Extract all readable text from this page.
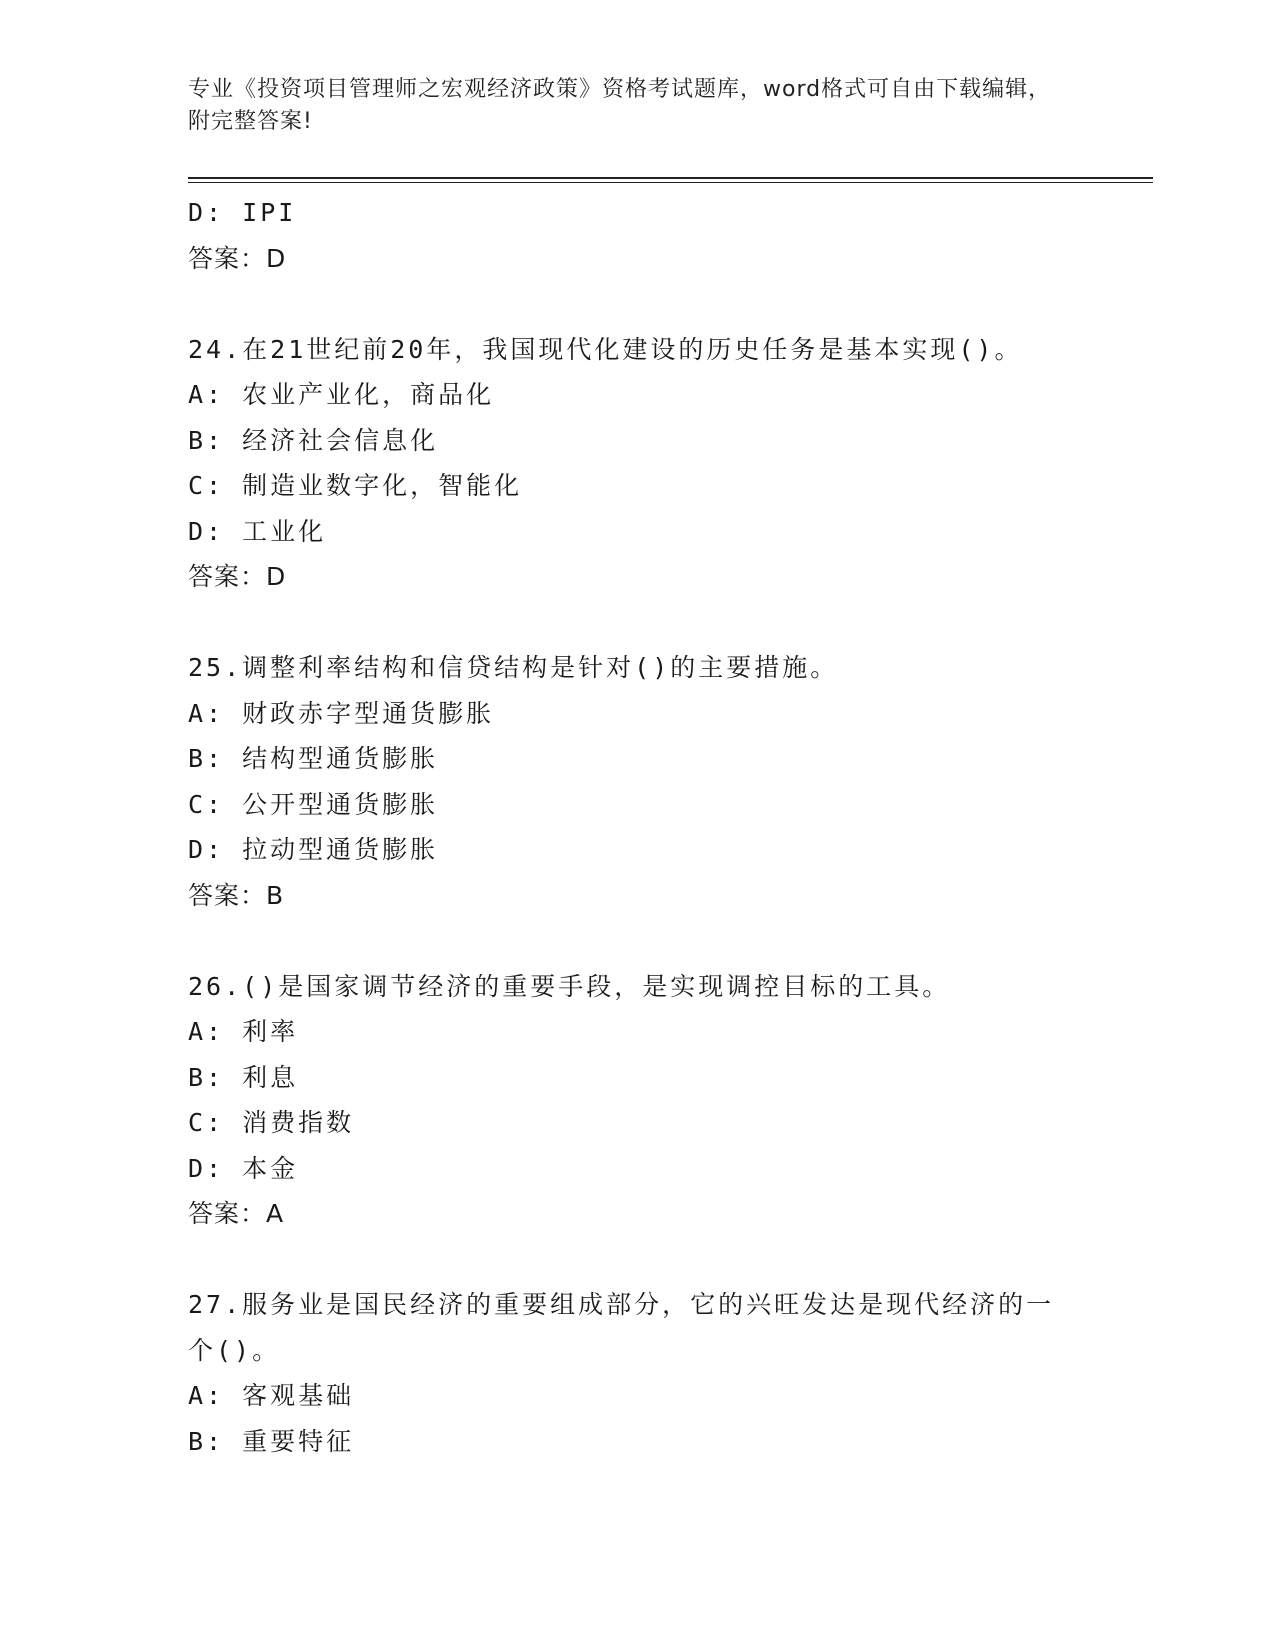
专业《投资项目管理师之宏观经济政策》资格考试题库，word格式可自由下载编辑，附完整答案!
D: IPI
答案：D
24.在21世纪前20年，我国现代化建设的历史任务是基本实现()。
A: 农业产业化，商品化
B: 经济社会信息化
C: 制造业数字化，智能化
D: 工业化
答案：D
25.调整利率结构和信贷结构是针对()的主要措施。
A: 财政赤字型通货膨胀
B: 结构型通货膨胀
C: 公开型通货膨胀
D: 拉动型通货膨胀
答案：B
26.()是国家调节经济的重要手段，是实现调控目标的工具。
A: 利率
B: 利息
C: 消费指数
D: 本金
答案：A
27.服务业是国民经济的重要组成部分，它的兴旺发达是现代经济的一个()。
A: 客观基础
B: 重要特征
